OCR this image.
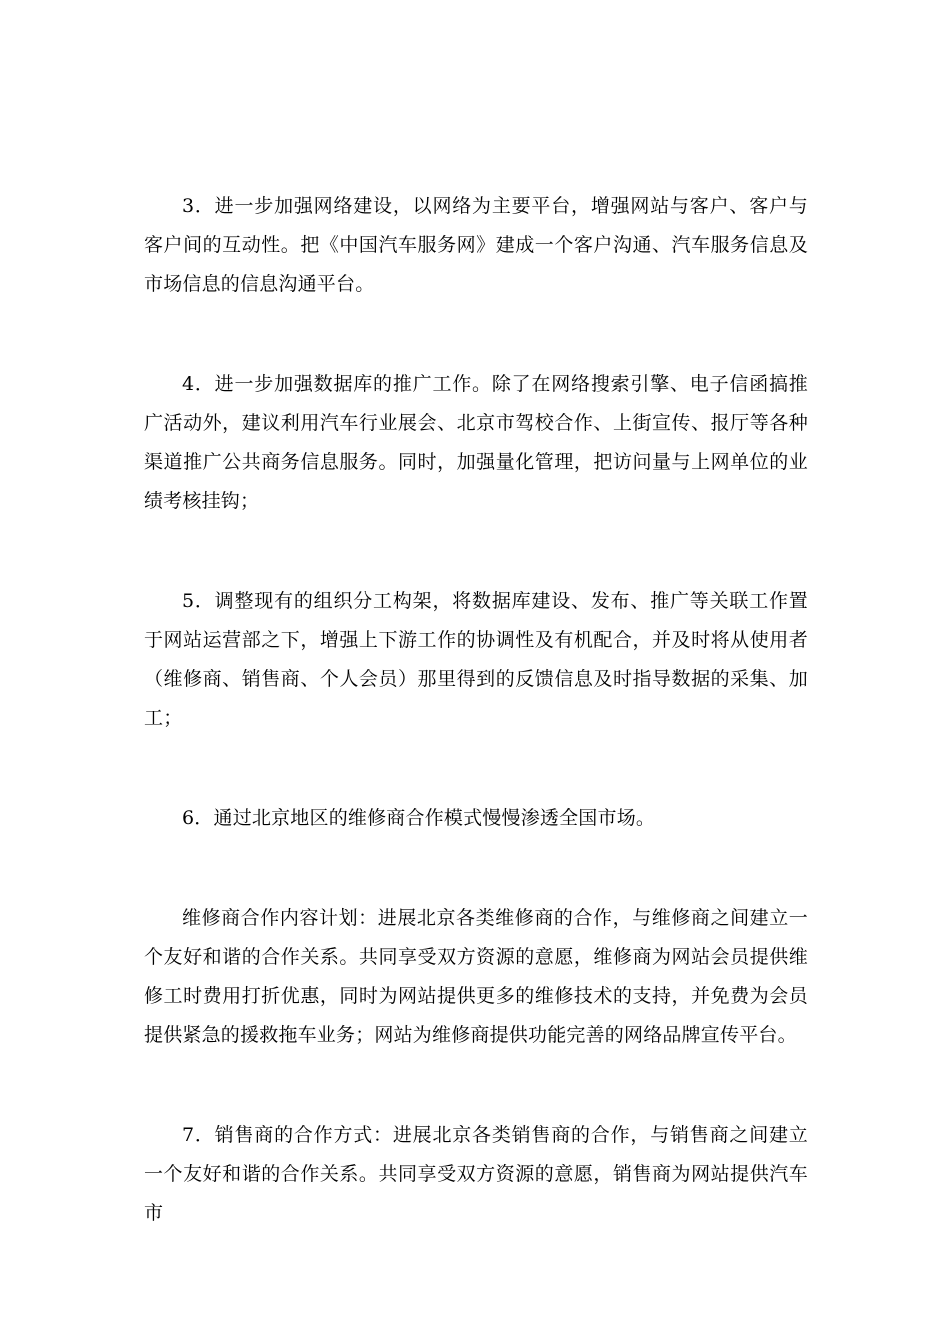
3．进一步加强网络建设，以网络为主要平台，增强网站与客户、客户与客户间的互动性。把《中国汽车服务网》建成一个客户沟通、汽车服务信息及市场信息的信息沟通平台。

4．进一步加强数据库的推广工作。除了在网络搜索引擎、电子信函搞推广活动外，建议利用汽车行业展会、北京市驾校合作、上街宣传、报厅等各种渠道推广公共商务信息服务。同时，加强量化管理，把访问量与上网单位的业绩考核挂钩；

5．调整现有的组织分工构架，将数据库建设、发布、推广等关联工作置于网站运营部之下，增强上下游工作的协调性及有机配合，并及时将从使用者（维修商、销售商、个人会员）那里得到的反馈信息及时指导数据的采集、加工；

6．通过北京地区的维修商合作模式慢慢渗透全国市场。

维修商合作内容计划：进展北京各类维修商的合作，与维修商之间建立一个友好和谐的合作关系。共同享受双方资源的意愿，维修商为网站会员提供维修工时费用打折优惠，同时为网站提供更多的维修技术的支持，并免费为会员提供紧急的援救拖车业务；网站为维修商提供功能完善的网络品牌宣传平台。

7．销售商的合作方式：进展北京各类销售商的合作，与销售商之间建立一个友好和谐的合作关系。共同享受双方资源的意愿，销售商为网站提供汽车市
